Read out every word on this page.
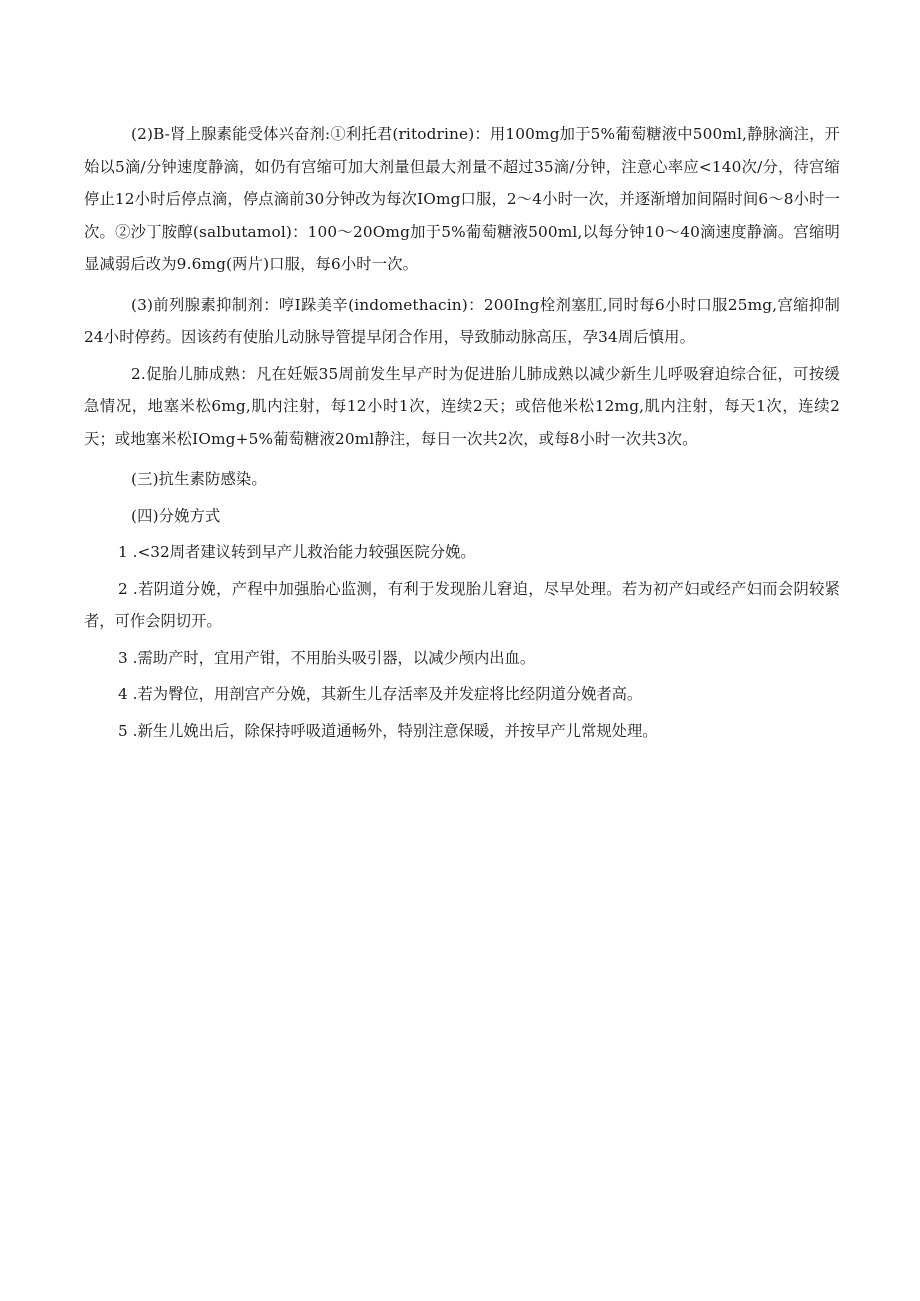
(2)B-肾上腺素能受体兴奋剂:①利托君(ritodrine)：用100mg加于5%葡萄糖液中500ml,静脉滴注，开始以5滴/分钟速度静滴，如仍有宫缩可加大剂量但最大剂量不超过35滴/分钟，注意心率应<140次/分，待宫缩停止12小时后停点滴，停点滴前30分钟改为每次IOmg口服，2～4小时一次，并逐渐增加间隔时间6～8小时一次。②沙丁胺醇(salbutamol)：100～20Omg加于5%葡萄糖液500ml,以每分钟10～40滴速度静滴。宫缩明显减弱后改为9.6mg(两片)口服，每6小时一次。

(3)前列腺素抑制剂：哼I跺美辛(indomethacin)：200Ing栓剂塞肛,同时每6小时口服25mg,宫缩抑制24小时停药。因该药有使胎儿动脉导管提早闭合作用，导致肺动脉高压，孕34周后慎用。

2.促胎儿肺成熟：凡在妊娠35周前发生早产时为促进胎儿肺成熟以减少新生儿呼吸窘迫综合征，可按缓急情况，地塞米松6mg,肌内注射，每12小时1次，连续2天；或倍他米松12mg,肌内注射，每天1次，连续2天；或地塞米松IOmg+5%葡萄糖液20ml静注，每日一次共2次，或每8小时一次共3次。

(三)抗生素防感染。

(四)分娩方式

1 .<32周者建议转到早产儿救治能力较强医院分娩。

2 .若阴道分娩，产程中加强胎心监测，有利于发现胎儿窘迫，尽早处理。若为初产妇或经产妇而会阴较紧者，可作会阴切开。

3 .需助产时，宜用产钳，不用胎头吸引器，以减少颅内出血。

4 .若为臀位，用剖宫产分娩，其新生儿存活率及并发症将比经阴道分娩者高。

5 .新生儿娩出后，除保持呼吸道通畅外，特别注意保暖，并按早产儿常规处理。
